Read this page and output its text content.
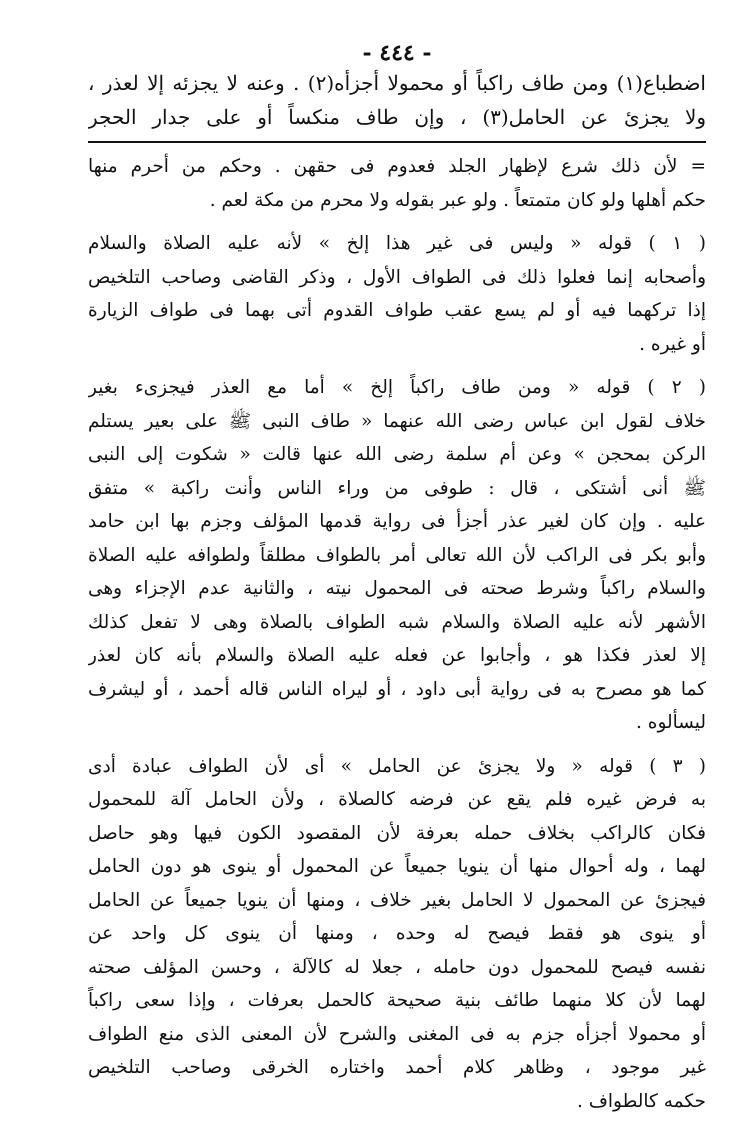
- ٤٤٤ -
اضطباع(١) ومن طاف راكباً أو محمولا أجزأه(٢) . وعنه لا يجزئه إلا لعذر ،
ولا يجزئ عن الحامل(٣) ، وإن طاف منكساً أو على جدار الحجر
= لأن ذلك شرع لإظهار الجلد فعدوم فى حقهن . وحكم من أحرم منها
حكم أهلها ولو كان متمتعاً . ولو عبر بقوله ولا محرم من مكة لعم .
( ١ ) قوله « وليس فى غير هذا إلخ » لأنه عليه الصلاة والسلام
وأصحابه إنما فعلوا ذلك فى الطواف الأول ، وذكر القاضى وصاحب التلخيص
إذا تركهما فيه أو لم يسع عقب طواف القدوم أتى بهما فى طواف الزيارة
أو غيره .
( ٢ ) قوله « ومن طاف راكباً إلخ » أما مع العذر فيجزىء بغير
خلاف لقول ابن عباس رضى الله عنهما « طاف النبى ﷺ على بعير يستلم
الركن بمحجن » وعن أم سلمة رضى الله عنها قالت « شكوت إلى النبى
ﷺ أنى أشتكى ، قال : طوفى من وراء الناس وأنت راكبة » متفق
عليه . وإن كان لغير عذر أجزأ فى رواية قدمها المؤلف وجزم بها ابن حامد
وأبو بكر فى الراكب لأن الله تعالى أمر بالطواف مطلقاً ولطوافه عليه الصلاة
والسلام راكباً وشرط صحته فى المحمول نيته ، والثانية عدم الإجزاء وهى
الأشهر لأنه عليه الصلاة والسلام شبه الطواف بالصلاة وهى لا تفعل كذلك
إلا لعذر فكذا هو ، وأجابوا عن فعله عليه الصلاة والسلام بأنه كان لعذر
كما هو مصرح به فى رواية أبى داود ، أو ليراه الناس قاله أحمد ، أو ليشرف
ليسألوه .
( ٣ ) قوله « ولا يجزئ عن الحامل » أى لأن الطواف عبادة أدى
به فرض غيره فلم يقع عن فرضه كالصلاة ، ولأن الحامل آلة للمحمول
فكان كالراكب بخلاف حمله بعرفة لأن المقصود الكون فيها وهو حاصل
لهما ، وله أحوال منها أن ينويا جميعاً عن المحمول أو ينوى هو دون الحامل
فيجزئ عن المحمول لا الحامل بغير خلاف ، ومنها أن ينويا جميعاً عن الحامل
أو ينوى هو فقط فيصح له وحده ، ومنها أن ينوى كل واحد عن
نفسه فيصح للمحمول دون حامله ، جعلا له كالآلة ، وحسن المؤلف صحته
لهما لأن كلا منهما طائف بنية صحيحة كالحمل بعرفات ، وإذا سعى راكباً
أو محمولا أجزأه جزم به فى المغنى والشرح لأن المعنى الذى منع الطواف
غير موجود ، وظاهر كلام أحمد واختاره الخرقى وصاحب التلخيص
حكمه كالطواف .
